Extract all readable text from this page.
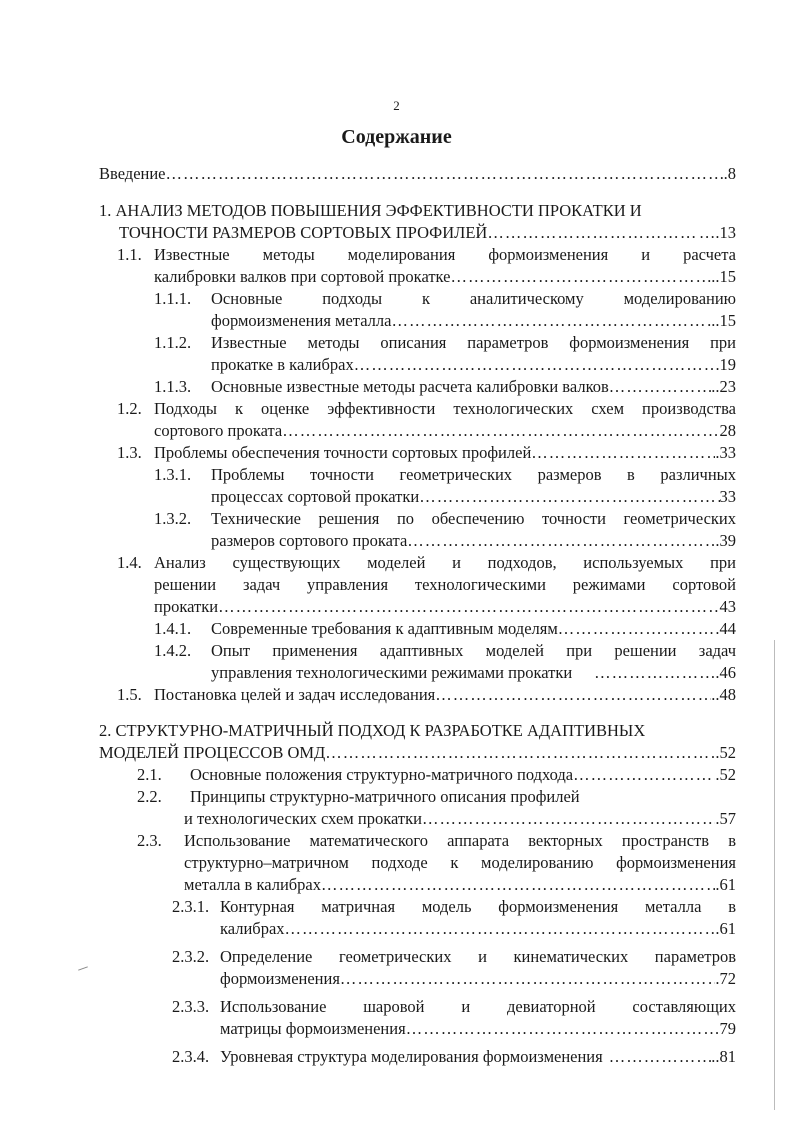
2
Содержание
Введение ……………………………………………………………………………………………………………………………………………………………………………………	.8
1. АНАЛИЗ МЕТОДОВ ПОВЫШЕНИЯ ЭФФЕКТИВНОСТИ ПРОКАТКИ И
ТОЧНОСТИ РАЗМЕРОВ СОРТОВЫХ ПРОФИЛЕЙ ……………………………………………………………………………………………………………………………………………………………………………………	….13
1.1. Известные методы моделирования формоизменения и расчета
калибровки валков при сортовой прокатке ……………………………………………………………………………………………………………………………………………………………………………………	..15
1.1.1. Основные подходы к аналитическому моделированию
формоизменения металла ……………………………………………………………………………………………………………………………………………………………………………………	..15
1.1.2. Известные методы описания параметров формоизменения при
прокатке в калибрах ……………………………………………………………………………………………………………………………………………………………………………………	19
1.1.3. Основные известные методы расчета калибровки валков ……………………………………………………………………………………………………………………………………………………………………………………	..23
1.2. Подходы к оценке эффективности технологических схем производства
сортового проката ……………………………………………………………………………………………………………………………………………………………………………………	28
1.3. Проблемы обеспечения точности сортовых профилей ……………………………………………………………………………………………………………………………………………………………………………………	.33
1.3.1. Проблемы точности геометрических размеров в различных
процессах сортовой прокатки ……………………………………………………………………………………………………………………………………………………………………………………	33
1.3.2. Технические решения по обеспечению точности геометрических
размеров сортового проката ……………………………………………………………………………………………………………………………………………………………………………………	.39
1.4. Анализ существующих моделей и подходов, используемых при
решении задач управления технологическими режимами сортовой
прокатки ……………………………………………………………………………………………………………………………………………………………………………………	43
1.4.1. Современные требования к адаптивным моделям ……………………………………………………………………………………………………………………………………………………………………………………	.44
1.4.2. Опыт применения адаптивных моделей при решении задач
управления технологическими режимами прокатки ……………………………………………………………………………………………………………………………………………………………………………………	.46
1.5. Постановка целей и задач исследования ……………………………………………………………………………………………………………………………………………………………………………………	..48
2. СТРУКТУРНО-МАТРИЧНЫЙ ПОДХОД К РАЗРАБОТКЕ АДАПТИВНЫХ
МОДЕЛЕЙ ПРОЦЕССОВ ОМД ……………………………………………………………………………………………………………………………………………………………………………………	.52
2.1. Основные положения структурно-матричного подхода ……………………………………………………………………………………………………………………………………………………………………………………	.52
2.2. Принципы структурно-матричного описания профилей
и технологических схем прокатки ……………………………………………………………………………………………………………………………………………………………………………………	.57
2.3. Использование математического аппарата векторных пространств в
структурно–матричном подходе к моделированию формоизменения
металла в калибрах ……………………………………………………………………………………………………………………………………………………………………………………	.61
2.3.1. Контурная матричная модель формоизменения металла в
калибрах ……………………………………………………………………………………………………………………………………………………………………………………	.61
2.3.2. Определение геометрических и кинематических параметров
формоизменения ……………………………………………………………………………………………………………………………………………………………………………………	.72
2.3.3. Использование шаровой и девиаторной составляющих
матрицы формоизменения ……………………………………………………………………………………………………………………………………………………………………………………	79
2.3.4. Уровневая структура моделирования формоизменения ……………………………………………………………………………………………………………………………………………………………………………………	..81
